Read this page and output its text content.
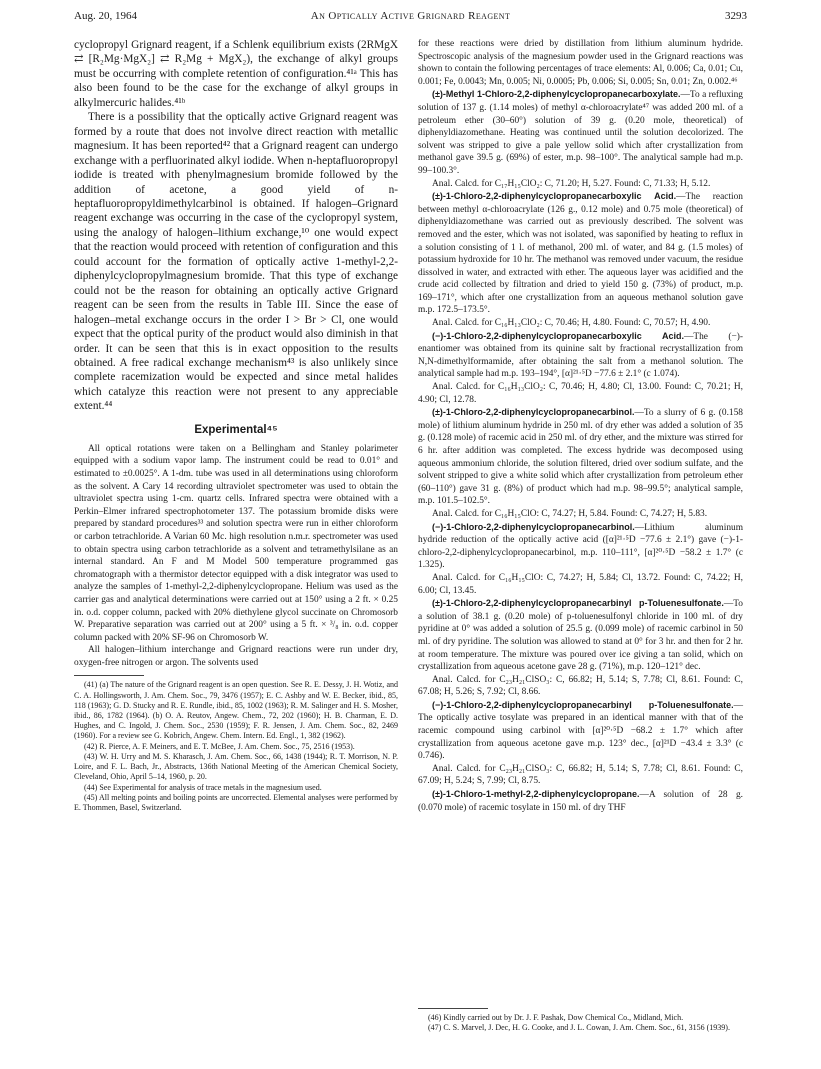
Aug. 20, 1964	An Optically Active Grignard Reagent	3293

cyclopropyl Grignard reagent, if a Schlenk equilibrium exists (2RMgX ⇄ [R₂Mg·MgX₂] ⇄ R₂Mg + MgX₂), the exchange of alkyl groups must be occurring with complete retention of configuration.⁴¹ᵃ This has also been found to be the case for the exchange of alkyl groups in alkylmercuric halides.⁴¹ᵇ

There is a possibility that the optically active Grignard reagent was formed by a route that does not involve direct reaction with metallic magnesium. It has been reported⁴² that a Grignard reagent can undergo exchange with a perfluorinated alkyl iodide. When n-heptafluoropropyl iodide is treated with phenylmagnesium bromide followed by the addition of acetone, a good yield of n-heptafluoropropyldimethylcarbinol is obtained. If halogen–Grignard reagent exchange was occurring in the case of the cyclopropyl system, using the analogy of halogen–lithium exchange,¹⁰ one would expect that the reaction would proceed with retention of configuration and this could account for the formation of optically active 1-methyl-2,2-diphenylcyclopropylmagnesium bromide. That this type of exchange could not be the reason for obtaining an optically active Grignard reagent can be seen from the results in Table III. Since the ease of halogen–metal exchange occurs in the order I > Br > Cl, one would expect that the optical purity of the product would also diminish in that order. It can be seen that this is in exact opposition to the results obtained. A free radical exchange mechanism⁴³ is also unlikely since complete racemization would be expected and since metal halides which catalyze this reaction were not present to any appreciable extent.⁴⁴

Experimental⁴⁵

All optical rotations were taken on a Bellingham and Stanley polarimeter equipped with a sodium vapor lamp. The instrument could be read to 0.01° and estimated to ±0.0025°. A 1-dm. tube was used in all determinations using chloroform as the solvent. A Cary 14 recording ultraviolet spectrometer was used to obtain the ultraviolet spectra using 1-cm. quartz cells. Infrared spectra were obtained with a Perkin–Elmer infrared spectrophotometer 137. The potassium bromide disks were prepared by standard procedures³³ and solution spectra were run in either chloroform or carbon tetrachloride. A Varian 60 Mc. high resolution n.m.r. spectrometer was used to obtain spectra using carbon tetrachloride as a solvent and tetramethylsilane as an internal standard. An F and M Model 500 temperature programmed gas chromatograph with a thermistor detector equipped with a disk integrator was used to analyze the samples of 1-methyl-2,2-diphenylcyclopropane. Helium was used as the carrier gas and analytical determinations were carried out at 150° using a 2 ft. × 0.25 in. o.d. copper column, packed with 20% diethylene glycol succinate on Chromosorb W. Preparative separation was carried out at 200° using a 5 ft. × ³/₈ in. o.d. copper column packed with 20% SF-96 on Chromosorb W.

All halogen–lithium interchange and Grignard reactions were run under dry, oxygen-free nitrogen or argon. The solvents used

(41) (a) The nature of the Grignard reagent is an open question. See R. E. Dessy, J. H. Wotiz, and C. A. Hollingsworth, J. Am. Chem. Soc., 79, 3476 (1957); E. C. Ashby and W. E. Becker, ibid., 85, 118 (1963); G. D. Stucky and R. E. Rundle, ibid., 85, 1002 (1963); R. M. Salinger and H. S. Mosher, ibid., 86, 1782 (1964). (b) O. A. Reutov, Angew. Chem., 72, 202 (1960); H. B. Charman, E. D. Hughes, and C. Ingold, J. Chem. Soc., 2530 (1959); F. R. Jensen, J. Am. Chem. Soc., 82, 2469 (1960). For a review see G. Kobrich, Angew. Chem. Intern. Ed. Engl., 1, 382 (1962).

(42) R. Pierce, A. F. Meiners, and E. T. McBee, J. Am. Chem. Soc., 75, 2516 (1953).

(43) W. H. Urry and M. S. Kharasch, J. Am. Chem. Soc., 66, 1438 (1944); R. T. Morrison, N. P. Loire, and F. L. Bach, Jr., Abstracts, 136th National Meeting of the American Chemical Society, Cleveland, Ohio, April 5–14, 1960, p. 20.

(44) See Experimental for analysis of trace metals in the magnesium used.

(45) All melting points and boiling points are uncorrected. Elemental analyses were performed by E. Thommen, Basel, Switzerland.

for these reactions were dried by distillation from lithium aluminum hydride. Spectroscopic analysis of the magnesium powder used in the Grignard reactions was shown to contain the following percentages of trace elements: Al, 0.006; Ca, 0.01; Cu, 0.001; Fe, 0.0043; Mn, 0.005; Ni, 0.0005; Pb, 0.006; Si, 0.005; Sn, 0.01; Zn, 0.002.⁴⁶

(±)-Methyl 1-Chloro-2,2-diphenylcyclopropanecarboxylate.—To a refluxing solution of 137 g. (1.14 moles) of methyl α-chloroacrylate⁴⁷ was added 200 ml. of a petroleum ether (30–60°) solution of 39 g. (0.20 mole, theoretical) of diphenyldiazomethane. Heating was continued until the solution decolorized. The solvent was stripped to give a pale yellow solid which after crystallization from methanol gave 39.5 g. (69%) of ester, m.p. 98–100°. The analytical sample had m.p. 99–100.3°.

Anal. Calcd. for C₁₇H₁₅ClO₂: C, 71.20; H, 5.27. Found: C, 71.33; H, 5.12.

(±)-1-Chloro-2,2-diphenylcyclopropanecarboxylic Acid.—The reaction between methyl α-chloroacrylate (126 g., 0.12 mole) and 0.75 mole (theoretical) of diphenyldiazomethane was carried out as previously described. The solvent was removed and the ester, which was not isolated, was saponified by heating to reflux in a solution consisting of 1 l. of methanol, 200 ml. of water, and 84 g. (1.5 moles) of potassium hydroxide for 10 hr. The methanol was removed under vacuum, the residue dissolved in water, and extracted with ether. The aqueous layer was acidified and the crude acid collected by filtration and dried to yield 150 g. (73%) of product, m.p. 169–171°, which after one crystallization from an aqueous methanol solution gave m.p. 172.5–173.5°.

Anal. Calcd. for C₁₆H₁₃ClO₂: C, 70.46; H, 4.80. Found: C, 70.57; H, 4.90.

(−)-1-Chloro-2,2-diphenylcyclopropanecarboxylic Acid.—The (−)-enantiomer was obtained from its quinine salt by fractional recrystallization from N,N-dimethylformamide, after obtaining the salt from a methanol solution. The analytical sample had m.p. 193–194°, [α]²¹·⁵D −77.6 ± 2.1° (c 1.074).

Anal. Calcd. for C₁₆H₁₃ClO₂: C, 70.46; H, 4.80; Cl, 13.00. Found: C, 70.21; H, 4.90; Cl, 12.78.

(±)-1-Chloro-2,2-diphenylcyclopropanecarbinol.—To a slurry of 6 g. (0.158 mole) of lithium aluminum hydride in 250 ml. of dry ether was added a solution of 35 g. (0.128 mole) of racemic acid in 250 ml. of dry ether, and the mixture was stirred for 6 hr. after addition was completed. The excess hydride was decomposed using aqueous ammonium chloride, the solution filtered, dried over sodium sulfate, and the solvent stripped to give a white solid which after crystallization from petroleum ether (60–110°) gave 31 g. (8%) of product which had m.p. 98–99.5°; analytical sample, m.p. 101.5–102.5°.

Anal. Calcd. for C₁₆H₁₅ClO: C, 74.27; H, 5.84. Found: C, 74.27; H, 5.83.

(−)-1-Chloro-2,2-diphenylcyclopropanecarbinol.—Lithium aluminum hydride reduction of the optically active acid ([α]²¹·⁵D −77.6 ± 2.1°) gave (−)-1-chloro-2,2-diphenylcyclopropanecarbinol, m.p. 110–111°, [α]²⁰·⁵D −58.2 ± 1.7° (c 1.325).

Anal. Calcd. for C₁₆H₁₅ClO: C, 74.27; H, 5.84; Cl, 13.72. Found: C, 74.22; H, 6.00; Cl, 13.45.

(±)-1-Chloro-2,2-diphenylcyclopropanecarbinyl p-Toluenesulfonate.—To a solution of 38.1 g. (0.20 mole) of p-toluenesulfonyl chloride in 100 ml. of dry pyridine at 0° was added a solution of 25.5 g. (0.099 mole) of racemic carbinol in 50 ml. of dry pyridine. The solution was allowed to stand at 0° for 3 hr. and then for 2 hr. at room temperature. The mixture was poured over ice giving a tan solid, which on crystallization from aqueous acetone gave 28 g. (71%), m.p. 120–121° dec.

Anal. Calcd. for C₂₃H₂₁ClSO₃: C, 66.82; H, 5.14; S, 7.78; Cl, 8.61. Found: C, 67.08; H, 5.26; S, 7.92; Cl, 8.66.

(−)-1-Chloro-2,2-diphenylcyclopropanecarbinyl p-Toluenesulfonate.—The optically active tosylate was prepared in an identical manner with that of the racemic compound using carbinol with [α]²⁰·⁵D −68.2 ± 1.7° which after crystallization from aqueous acetone gave m.p. 123° dec., [α]²¹D −43.4 ± 3.3° (c 0.746).

Anal. Calcd. for C₂₃H₂₁ClSO₃: C, 66.82; H, 5.14; S, 7.78; Cl, 8.61. Found: C, 67.09; H, 5.24; S, 7.99; Cl, 8.75.

(±)-1-Chloro-1-methyl-2,2-diphenylcyclopropane.—A solution of 28 g. (0.070 mole) of racemic tosylate in 150 ml. of dry THF

(46) Kindly carried out by Dr. J. F. Pashak, Dow Chemical Co., Midland, Mich.

(47) C. S. Marvel, J. Dec, H. G. Cooke, and J. L. Cowan, J. Am. Chem. Soc., 61, 3156 (1939).
